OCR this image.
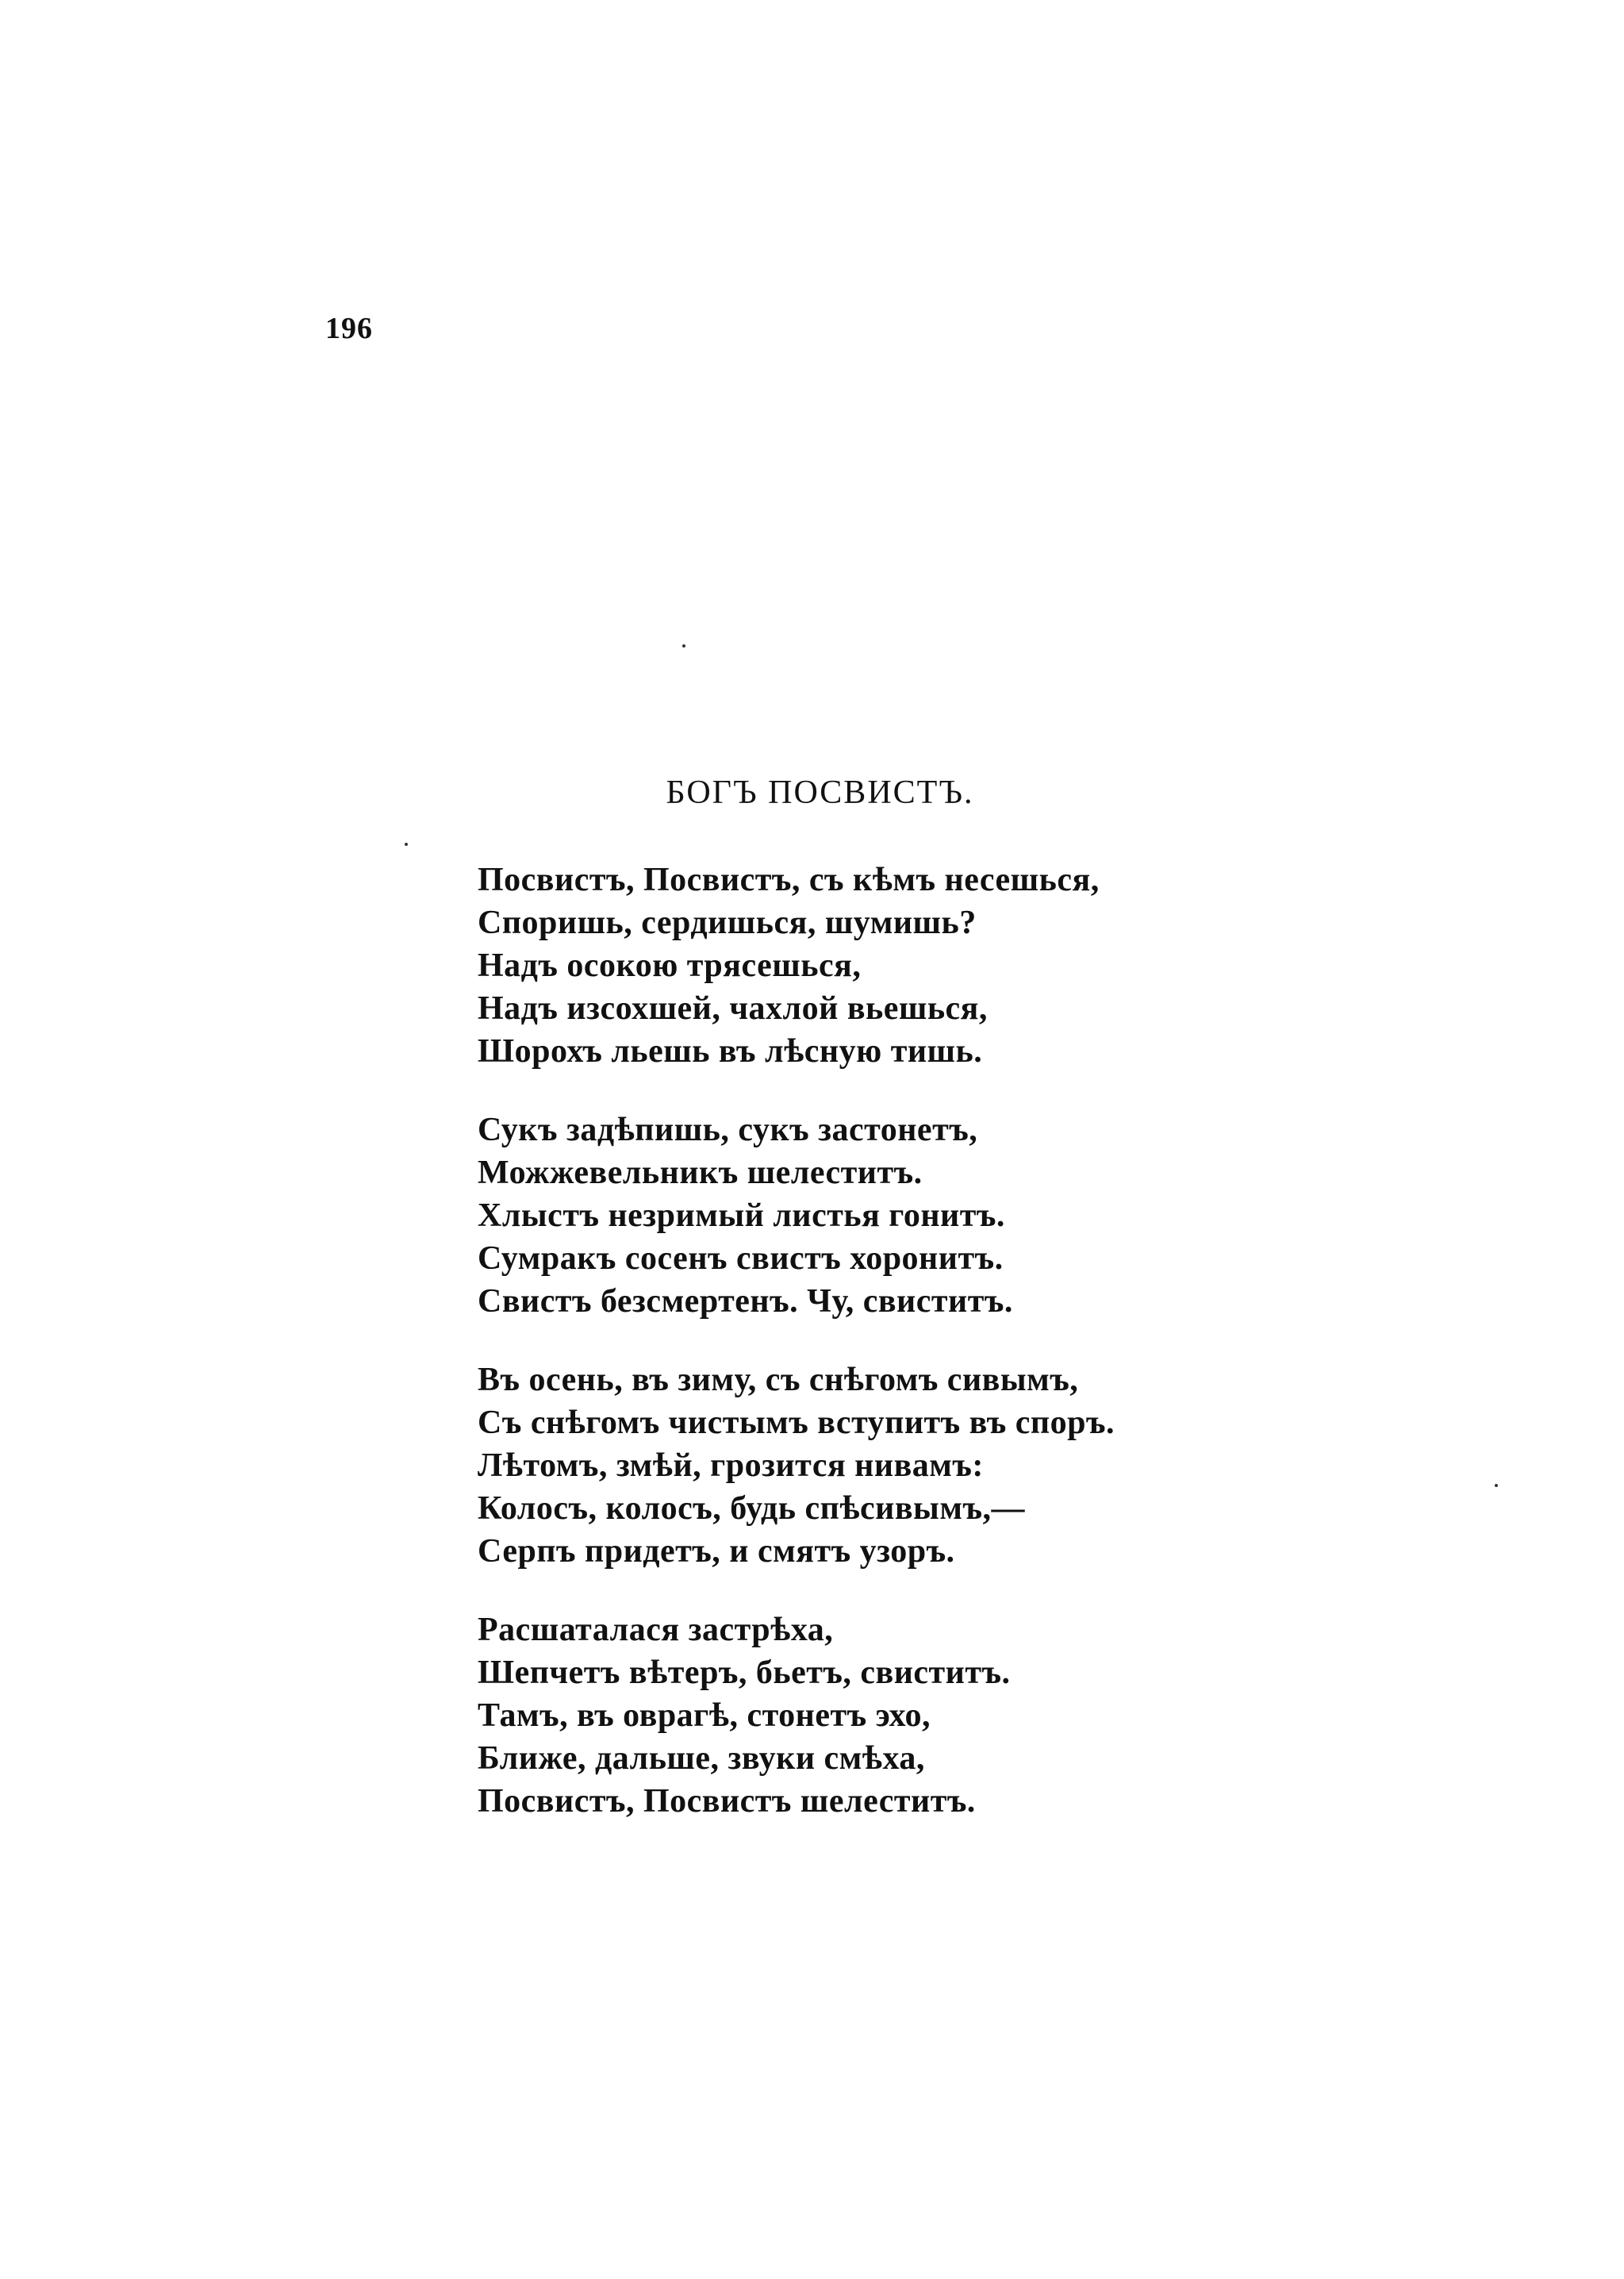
196
БОГЪ ПОСВИСТЪ.
Посвистъ, Посвистъ, съ кѣмъ несешься,
Споришь, сердишься, шумишь?
Надъ осокою трясешься,
Надъ изсохшей, чахлой вьешься,
Шорохъ льешь въ лѣсную тишь.
Сукъ задѣпишь, сукъ застонетъ,
Можжевельникъ шелеститъ.
Хлыстъ незримый листья гонитъ.
Сумракъ сосенъ свистъ хоронитъ.
Свистъ безсмертенъ. Чу, свиститъ.
Въ осень, въ зиму, съ снѣгомъ сивымъ,
Съ снѣгомъ чистымъ вступитъ въ споръ.
Лѣтомъ, змѣй, грозится нивамъ:
Колосъ, колосъ, будь спѣсивымъ,—
Серпъ придетъ, и смятъ узоръ.
Расшаталася застрѣха,
Шепчетъ вѣтеръ, бьетъ, свиститъ.
Тамъ, въ оврагѣ, стонетъ эхо,
Ближе, дальше, звуки смѣха,
Посвистъ, Посвистъ шелеститъ.
